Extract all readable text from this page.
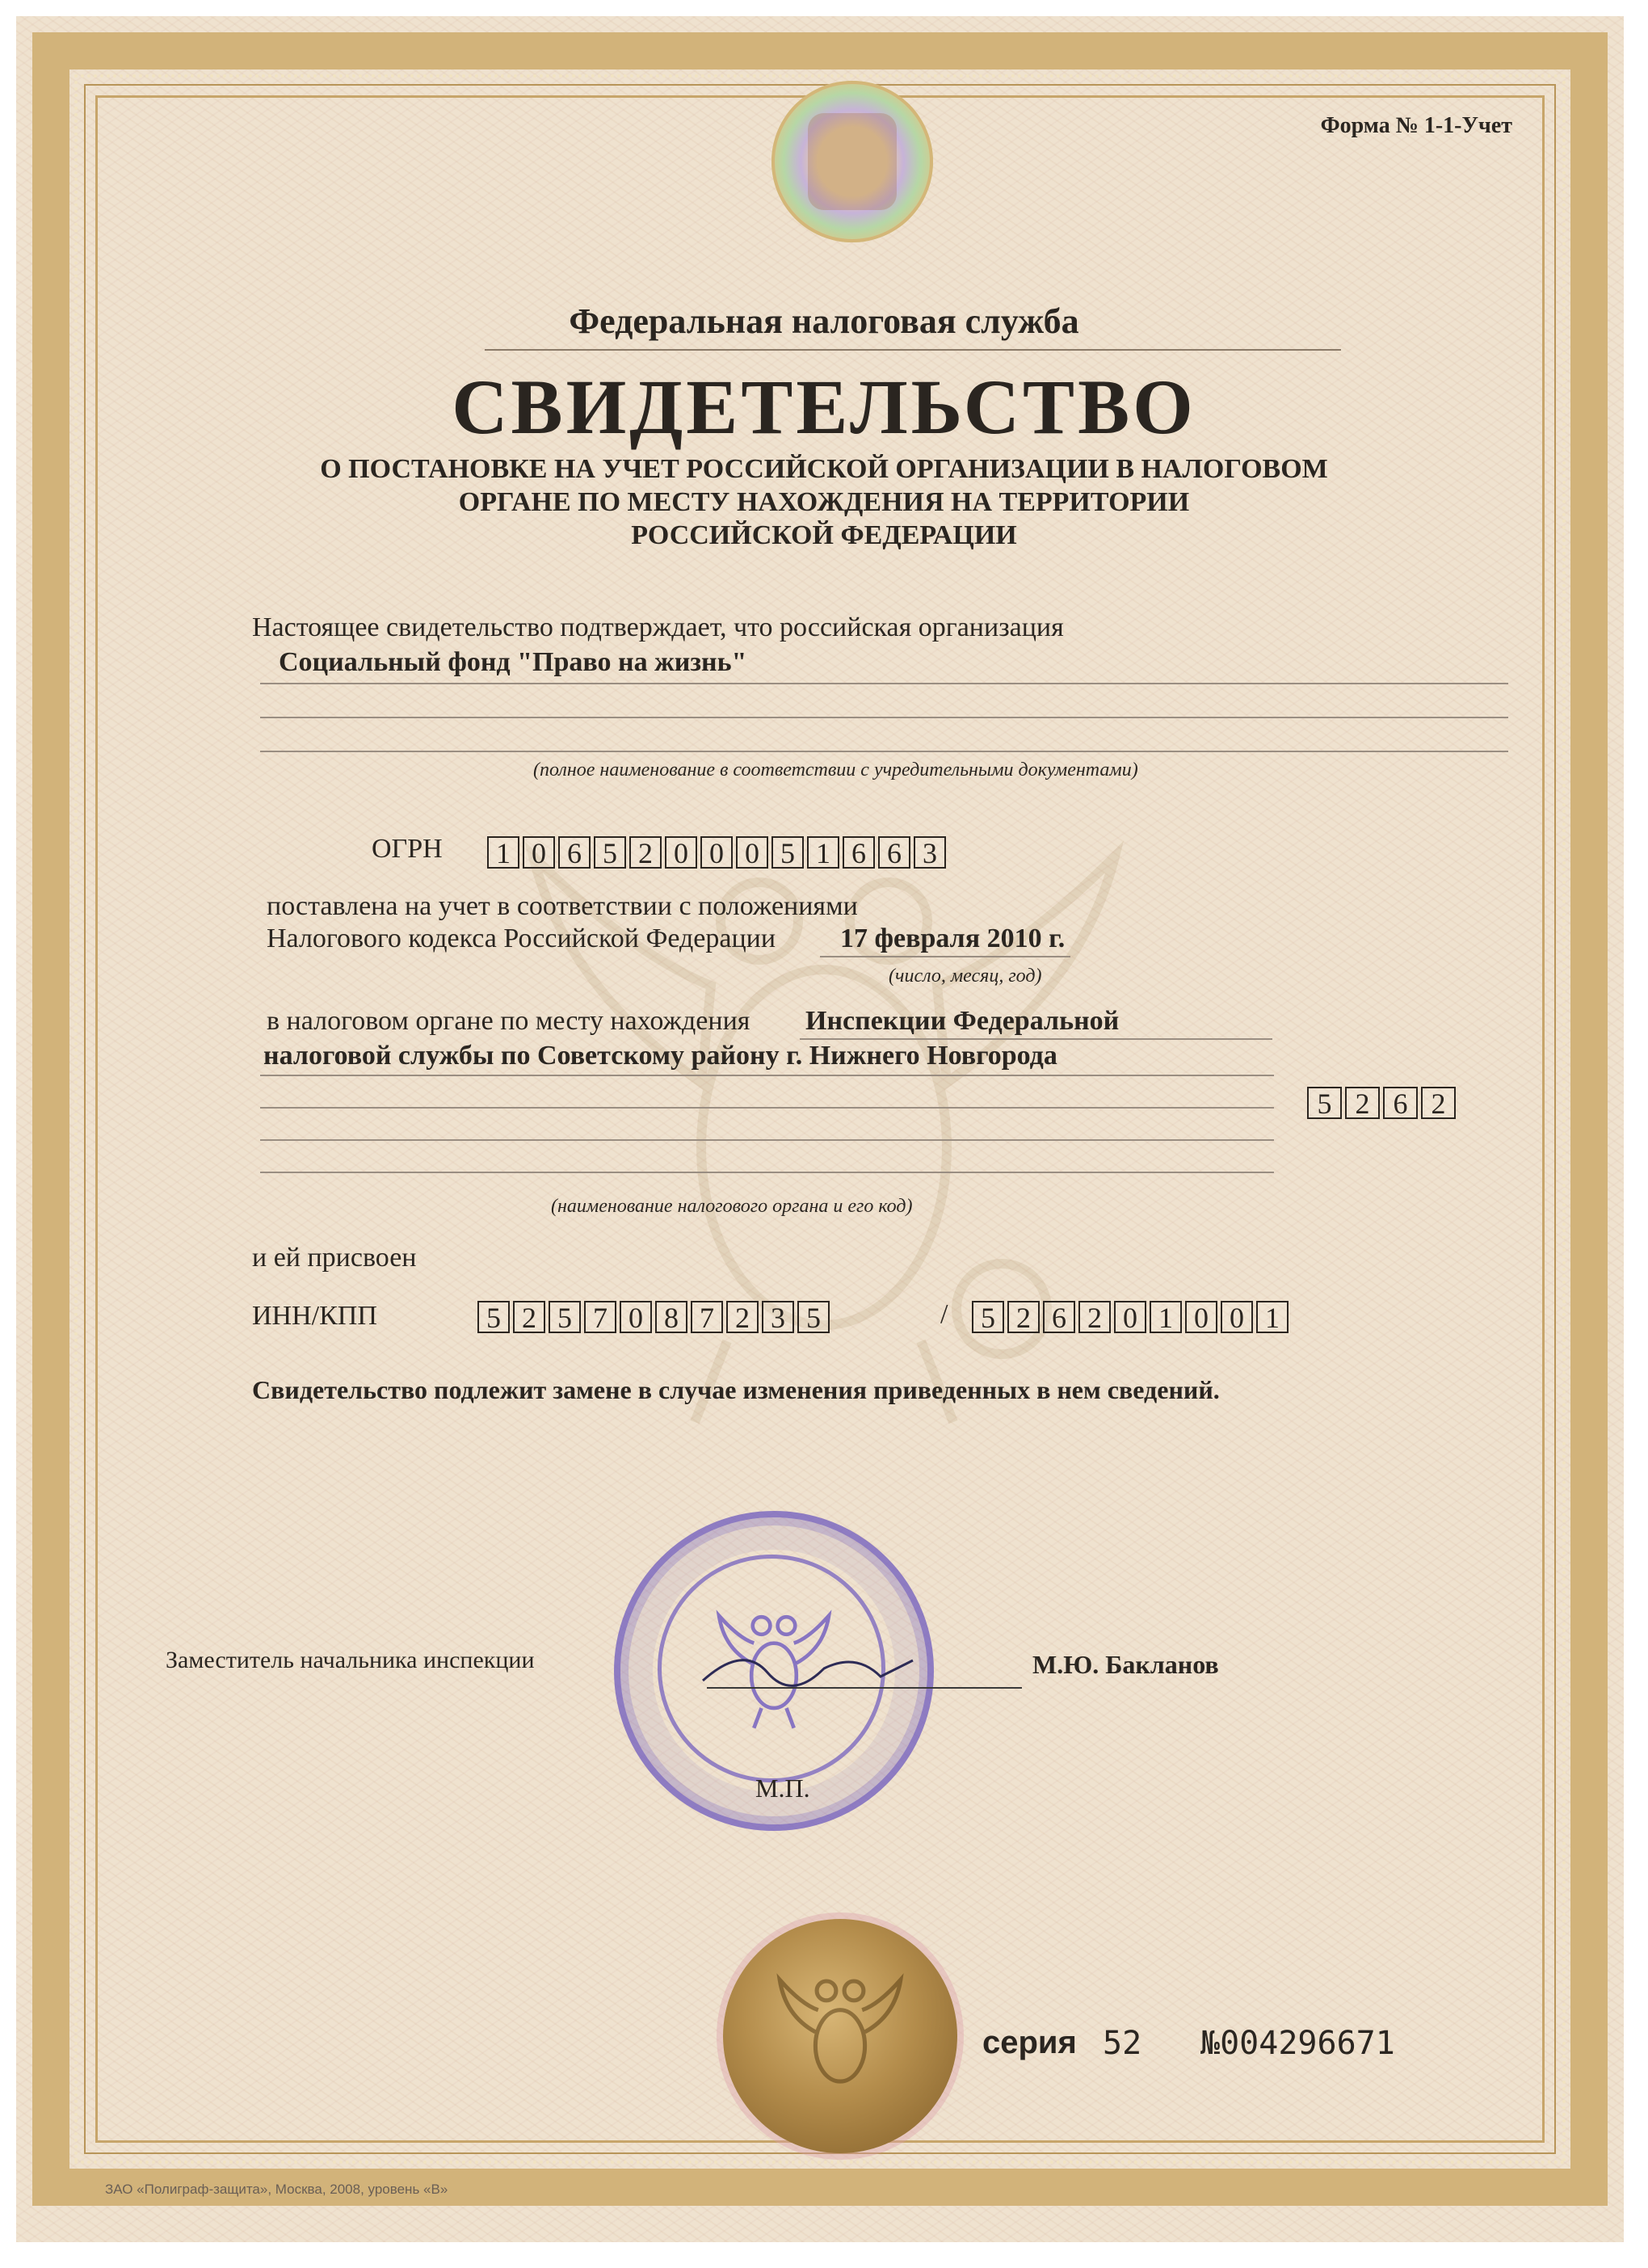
Форма № 1-1-Учет
Федеральная налоговая служба
СВИДЕТЕЛЬСТВО
О ПОСТАНОВКЕ НА УЧЕТ РОССИЙСКОЙ ОРГАНИЗАЦИИ В НАЛОГОВОМ
ОРГАНЕ ПО МЕСТУ НАХОЖДЕНИЯ НА ТЕРРИТОРИИ
РОССИЙСКОЙ ФЕДЕРАЦИИ
Настоящее свидетельство подтверждает, что российская организация
Социальный фонд "Право на жизнь"
(полное наименование в соответствии с учредительными документами)
ОГРН	1 0 6 5 2 0 0 0 5 1 6 6 3
поставлена на учет в соответствии с положениями
Налогового кодекса Российской Федерации 17 февраля 2010 г.
(число, месяц, год)
в налоговом органе по месту нахождения Инспекции Федеральной
налоговой службы по Советскому району г. Нижнего Новгорода
5 2 6 2
(наименование налогового органа и его код)
и ей присвоен
ИНН/КПП	5 2 5 7 0 8 7 2 3 5	/	5 2 6 2 0 1 0 0 1
Свидетельство подлежит замене в случае изменения приведенных в нем сведений.
Заместитель начальника инспекции	М.Ю. Бакланов
М.П.
серия 52 №004296671
ЗАО «Полиграф-защита», Москва, 2008, уровень «В»
